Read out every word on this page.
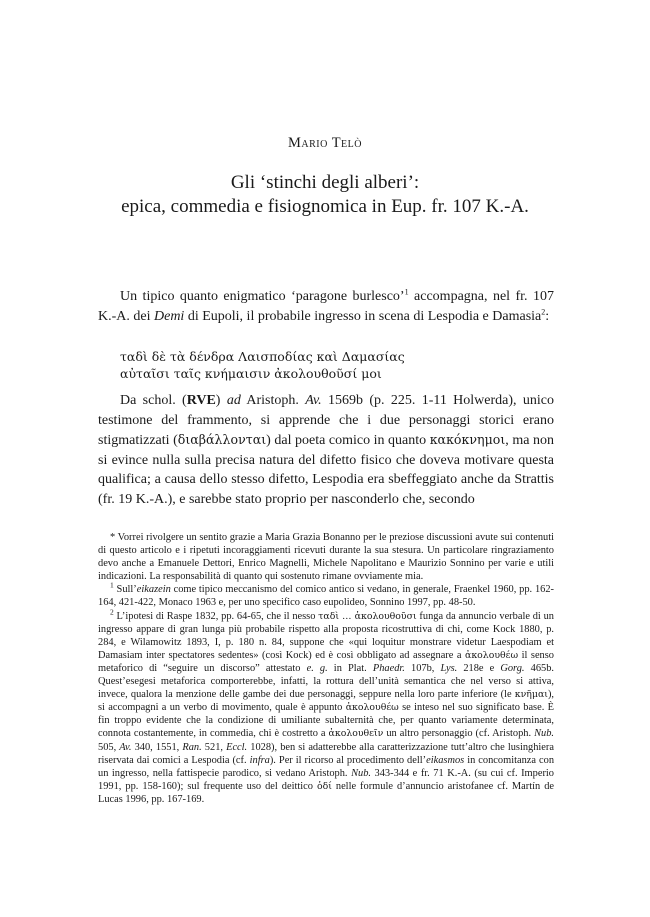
Mario Telò
Gli ‘stinchi degli alberi’:
epica, commedia e fisiognomica in Eup. fr. 107 K.-A.
Un tipico quanto enigmatico ‘paragone burlesco’$^1$ accompagna, nel fr. 107 K.-A. dei Demi di Eupoli, il probabile ingresso in scena di Lespodia e Damasia$^2$:
ταδὶ δὲ τὰ δένδρα Λαισποδίας καὶ Δαμασίας
αὐταῖσι ταῖς κνήμαισιν ἀκολουθοῦσί μοι
Da schol. (RVE) ad Aristoph. Av. 1569b (p. 225. 1-11 Holwerda), unico testimone del frammento, si apprende che i due personaggi storici erano stigmatizzati (διαβάλλονται) dal poeta comico in quanto κακόκνημοι, ma non si evince nulla sulla precisa natura del difetto fisico che doveva motivare questa qualifica; a causa dello stesso difetto, Lespodia era sbeffeggiato anche da Strattis (fr. 19 K.-A.), e sarebbe stato proprio per nasconderlo che, secondo

* Vorrei rivolgere un sentito grazie a Maria Grazia Bonanno per le preziose discussioni avute sui contenuti di questo articolo e i ripetuti incoraggiamenti ricevuti durante la sua stesura. Un particolare ringraziamento devo anche a Emanuele Dettori, Enrico Magnelli, Michele Napolitano e Maurizio Sonnino per varie e utili indicazioni. La responsabilità di quanto qui sostenuto rimane ovviamente mia.

$^1$ Sull’eikazein come tipico meccanismo del comico antico si vedano, in generale, Fraenkel 1960, pp. 162-164, 421-422, Monaco 1963 e, per uno specifico caso eupolideo, Sonnino 1997, pp. 48-50.

$^2$ L’ipotesi di Raspe 1832, pp. 64-65, che il nesso ταδὶ … ἀκολουθοῦσι funga da annuncio verbale di un ingresso appare di gran lunga più probabile rispetto alla proposta ricostruttiva di chi, come Kock 1880, p. 284, e Wilamowitz 1893, I, p. 180 n. 84, suppone che «qui loquitur monstrare videtur Laespodiam et Damasiam inter spectatores sedentes» (così Kock) ed è così obbligato ad assegnare a ἀκολουθέω il senso metaforico di “seguire un discorso” attestato e. g. in Plat. Phaedr. 107b, Lys. 218e e Gorg. 465b. Quest’esegesi metaforica comporterebbe, infatti, la rottura dell’unità semantica che nel verso si attiva, invece, qualora la menzione delle gambe dei due personaggi, seppure nella loro parte inferiore (le κνῆμαι), si accompagni a un verbo di movimento, quale è appunto ἀκολουθέω se inteso nel suo significato base. È fin troppo evidente che la condizione di umiliante subalternità che, per quanto variamente determinata, connota costantemente, in commedia, chi è costretto a ἀκολουθεῖν un altro personaggio (cf. Aristoph. Nub. 505, Av. 340, 1551, Ran. 521, Eccl. 1028), ben si adatterebbe alla caratterizzazione tutt’altro che lusinghiera riservata dai comici a Lespodia (cf. infra). Per il ricorso al procedimento dell’eikasmos in concomitanza con un ingresso, nella fattispecie parodico, si vedano Aristoph. Nub. 343-344 e fr. 71 K.-A. (su cui cf. Imperio 1991, pp. 158-160); sul frequente uso del deittico ὁδί nelle formule d’annuncio aristofanee cf. Martín de Lucas 1996, pp. 167-169.
